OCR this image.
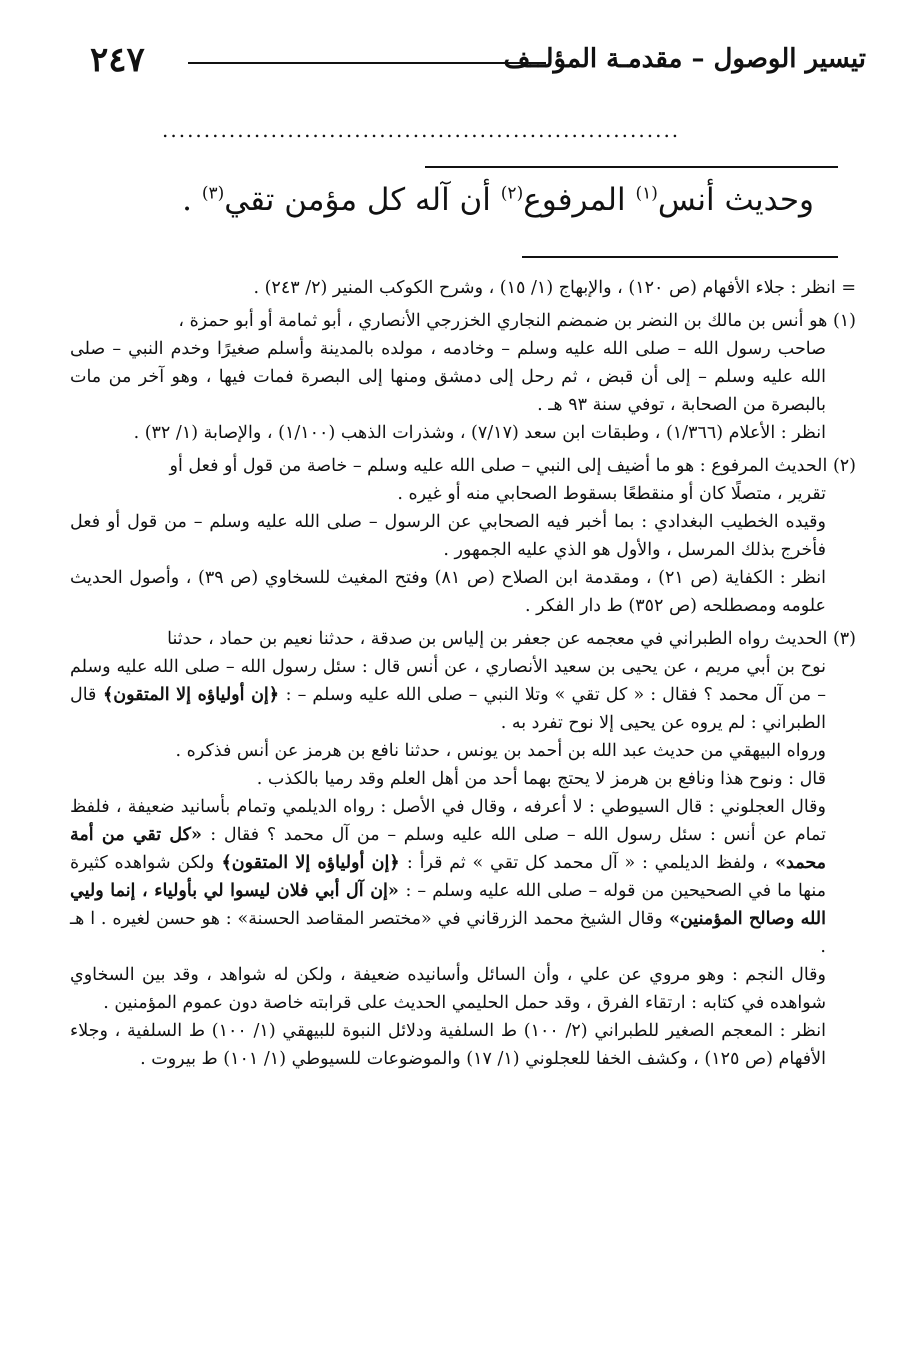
٢٤٧	تيسير الوصول – مقدمـة المؤلــف
..............................................................
وحديث أنس$^{(١)}$ المرفوع$^{(٢)}$ أن آله كل مؤمن تقي$^{(٣)}$ .

= انظر : جلاء الأفهام (ص ١٢٠) ، والإبهاج (١/ ١٥) ، وشرح الكوكب المنير (٢/ ٢٤٣) .

(١) هو أنس بن مالك بن النضر بن ضمضم النجاري الخزرجي الأنصاري ، أبو ثمامة أو أبو حمزة ،
صاحب رسول الله – صلى الله عليه وسلم – وخادمه ، مولده بالمدينة وأسلم صغيرًا وخدم النبي – صلى الله عليه وسلم – إلى أن قبض ، ثم رحل إلى دمشق ومنها إلى البصرة فمات فيها ، وهو آخر من مات بالبصرة من الصحابة ، توفي سنة ٩٣ هـ .
انظر : الأعلام (١/٣٦٦) ، وطبقات ابن سعد (٧/١٧) ، وشذرات الذهب (١/١٠٠) ، والإصابة (١/ ٣٢) .
(٢) الحديث المرفوع : هو ما أضيف إلى النبي – صلى الله عليه وسلم – خاصة من قول أو فعل أو
تقرير ، متصلًا كان أو منقطعًا بسقوط الصحابي منه أو غيره .
وقيده الخطيب البغدادي : بما أخبر فيه الصحابي عن الرسول – صلى الله عليه وسلم – من قول أو فعل فأخرج بذلك المرسل ، والأول هو الذي عليه الجمهور .
انظر : الكفاية (ص ٢١) ، ومقدمة ابن الصلاح (ص ٨١) وفتح المغيث للسخاوي (ص ٣٩) ، وأصول الحديث علومه ومصطلحه (ص ٣٥٢) ط دار الفكر .
(٣) الحديث رواه الطبراني في معجمه عن جعفر بن إلياس بن صدقة ، حدثنا نعيم بن حماد ، حدثنا
نوح بن أبي مريم ، عن يحيى بن سعيد الأنصاري ، عن أنس قال : سئل رسول الله – صلى الله عليه وسلم – من آل محمد ؟ فقال : « كل تقي » وتلا النبي – صلى الله عليه وسلم – : ﴿إن أولياؤه إلا المتقون﴾ قال الطبراني : لم يروه عن يحيى إلا نوح تفرد به .
ورواه البيهقي من حديث عبد الله بن أحمد بن يونس ، حدثنا نافع بن هرمز عن أنس فذكره .
قال : ونوح هذا ونافع بن هرمز لا يحتج بهما أحد من أهل العلم وقد رميا بالكذب .
وقال العجلوني : قال السيوطي : لا أعرفه ، وقال في الأصل : رواه الديلمي وتمام بأسانيد ضعيفة ، فلفظ تمام عن أنس : سئل رسول الله – صلى الله عليه وسلم – من آل محمد ؟ فقال : «كل تقي من أمة محمد» ، ولفظ الديلمي : « آل محمد كل تقي » ثم قرأ : ﴿إن أولياؤه إلا المتقون﴾ ولكن شواهده كثيرة منها ما في الصحيحين من قوله – صلى الله عليه وسلم – : «إن آل أبي فلان ليسوا لي بأولياء ، إنما وليي الله وصالح المؤمنين» وقال الشيخ محمد الزرقاني في «مختصر المقاصد الحسنة» : هو حسن لغيره . ا هـ .
وقال النجم : وهو مروي عن علي ، وأن السائل وأسانيده ضعيفة ، ولكن له شواهد ، وقد بين السخاوي شواهده في كتابه : ارتقاء الفرق ، وقد حمل الحليمي الحديث على قرابته خاصة دون عموم المؤمنين .
انظر : المعجم الصغير للطبراني (٢/ ١٠٠) ط السلفية ودلائل النبوة للبيهقي (١/ ١٠٠) ط السلفية ، وجلاء الأفهام (ص ١٢٥) ، وكشف الخفا للعجلوني (١/ ١٧) والموضوعات للسيوطي (١/ ١٠١) ط بيروت .
